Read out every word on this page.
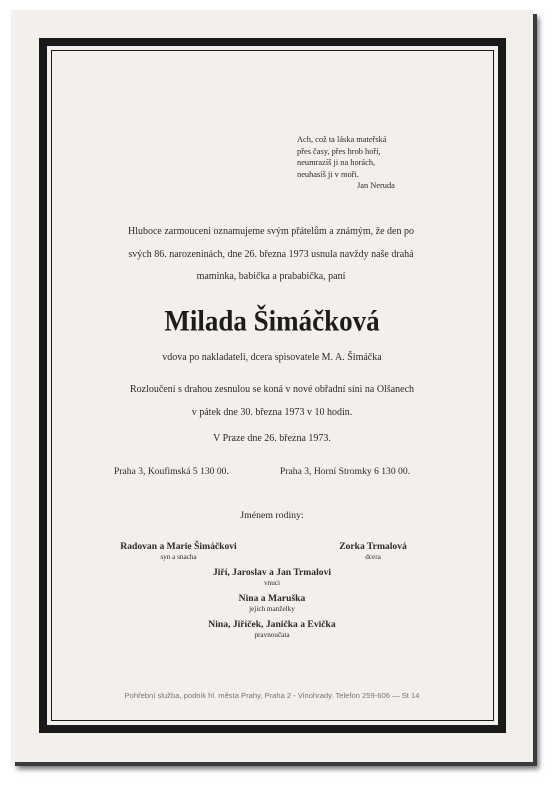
Ach, což ta láska mateřská
přes časy, přes hrob hoří,
neumrazíš ji na horách,
neuhasíš ji v moři.
Jan Neruda
Hluboce zarmouceni oznamujeme svým přátelům a známým, že den po
svých 86. narozeninách, dne 26. března 1973 usnula navždy naše drahá
maminka, babička a prababička, paní
Milada Šimáčková
vdova po nakladateli, dcera spisovatele M. A. Šimáčka
Rozloučení s drahou zesnulou se koná v nové obřadní síni na Olšanech
v pátek dne 30. března 1973 v 10 hodin.
V Praze dne 26. března 1973.
Praha 3, Koufimská 5 130 00.	Praha 3, Horní Stromky 6 130 00.
Jménem rodiny:
Radovan a Marie Šimáčkovi
syn a snacha
Zorka Trmalová
dcera
Jiří, Jaroslav a Jan Trmalovi
vnuci
Nina a Maruška
jejich manželky
Nina, Jiříček, Janička a Evička
pravnoučata
Pohřební služba, podnik hl. města Prahy, Praha 2 - Vinohrady. Telefon 259-606 — St 14
